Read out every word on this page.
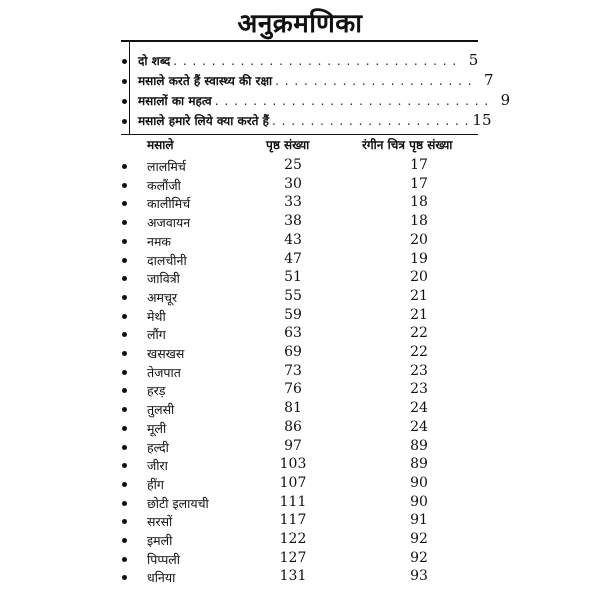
अनुक्रमणिका
दो शब्द . . . . . . . . . . . . . . . . . . . . . . . . . . . . . . 5
मसाले करते हैं स्वास्थ्य की रक्षा . . . . . . . . . . . . . . . . . . . . . 7
मसालों का महत्व . . . . . . . . . . . . . . . . . . . . . . . . . . . . . 9
मसाले हमारे लिये क्या करते हैं . . . . . . . . . . . . . . . . . . . . . 15
मसाले	पृष्ठ संख्या	रंगीन चित्र पृष्ठ संख्या
लालमिर्च	25	17
कलौंजी	30	17
कालीमिर्च	33	18
अजवायन	38	18
नमक	43	20
दालचीनी	47	19
जावित्री	51	20
अमचूर	55	21
मेथी	59	21
लौंग	63	22
खसखस	69	22
तेजपात	73	23
हरड़	76	23
तुलसी	81	24
मूली	86	24
हल्दी	97	89
जीरा	103	89
हींग	107	90
छोटी इलायची	111	90
सरसों	117	91
इमली	122	92
पिप्पली	127	92
धनिया	131	93
